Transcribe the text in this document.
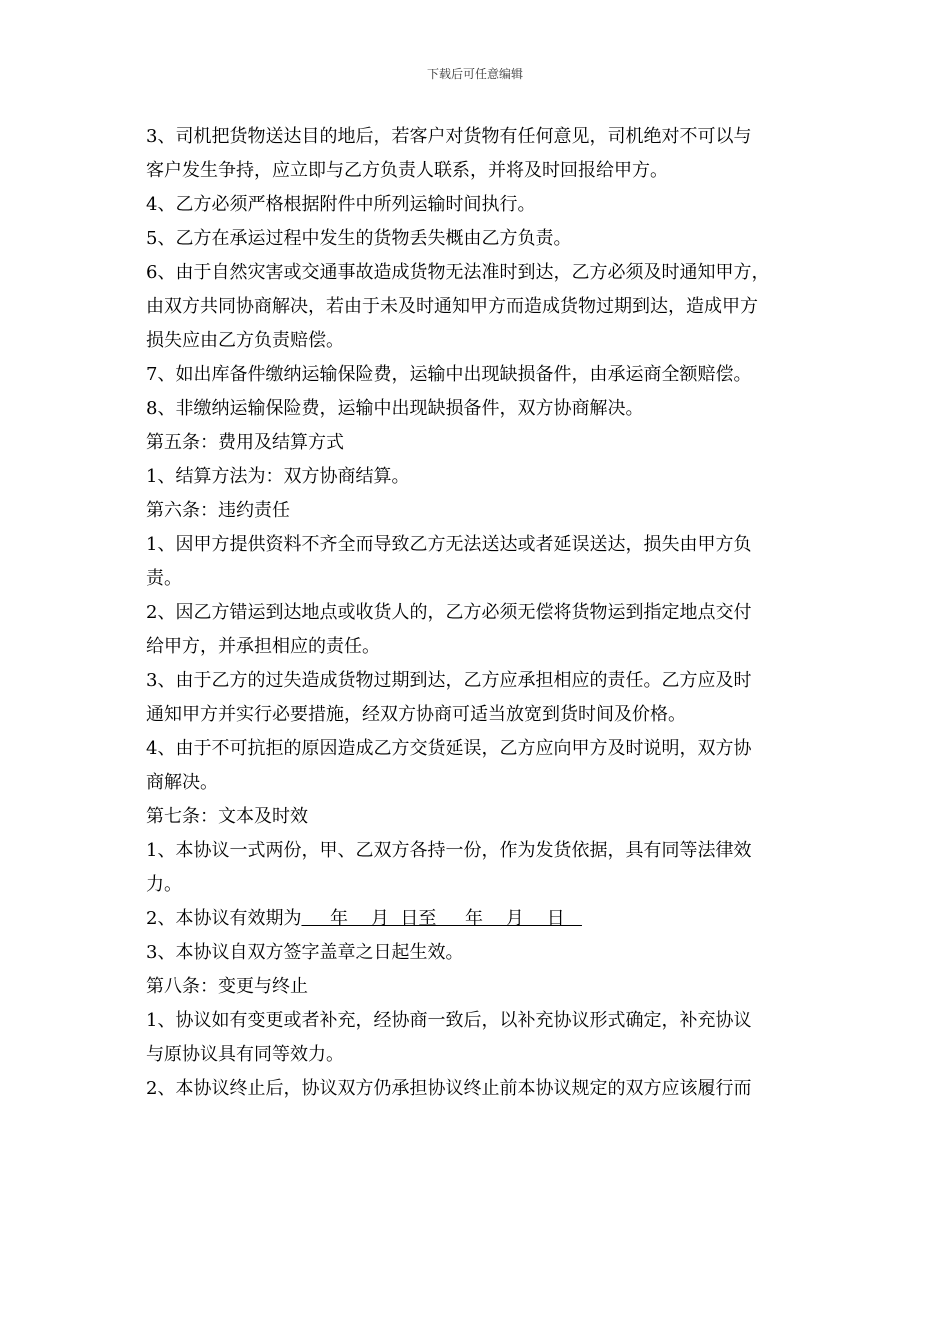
下载后可任意编辑

3、司机把货物送达目的地后，若客户对货物有任何意见，司机绝对不可以与

客户发生争持，应立即与乙方负责人联系，并将及时回报给甲方。

4、乙方必须严格根据附件中所列运输时间执行。

5、乙方在承运过程中发生的货物丢失概由乙方负责。

6、由于自然灾害或交通事故造成货物无法准时到达，乙方必须及时通知甲方，

由双方共同协商解决，若由于未及时通知甲方而造成货物过期到达，造成甲方

损失应由乙方负责赔偿。

7、如出库备件缴纳运输保险费，运输中出现缺损备件，由承运商全额赔偿。

8、非缴纳运输保险费，运输中出现缺损备件，双方协商解决。

第五条：费用及结算方式

1、结算方法为：双方协商结算。

第六条：违约责任

1、因甲方提供资料不齐全而导致乙方无法送达或者延误送达，损失由甲方负

责。

2、因乙方错运到达地点或收货人的，乙方必须无偿将货物运到指定地点交付

给甲方，并承担相应的责任。

3、由于乙方的过失造成货物过期到达，乙方应承担相应的责任。乙方应及时

通知甲方并实行必要措施，经双方协商可适当放宽到货时间及价格。

4、由于不可抗拒的原因造成乙方交货延误，乙方应向甲方及时说明，双方协

商解决。

第七条：文本及时效

1、本协议一式两份，甲、乙双方各持一份，作为发货依据，具有同等法律效

力。

2、本协议有效期为     年    月  日至     年    月    日

3、本协议自双方签字盖章之日起生效。

第八条：变更与终止

1、协议如有变更或者补充，经协商一致后，以补充协议形式确定，补充协议

与原协议具有同等效力。

2、本协议终止后，协议双方仍承担协议终止前本协议规定的双方应该履行而
